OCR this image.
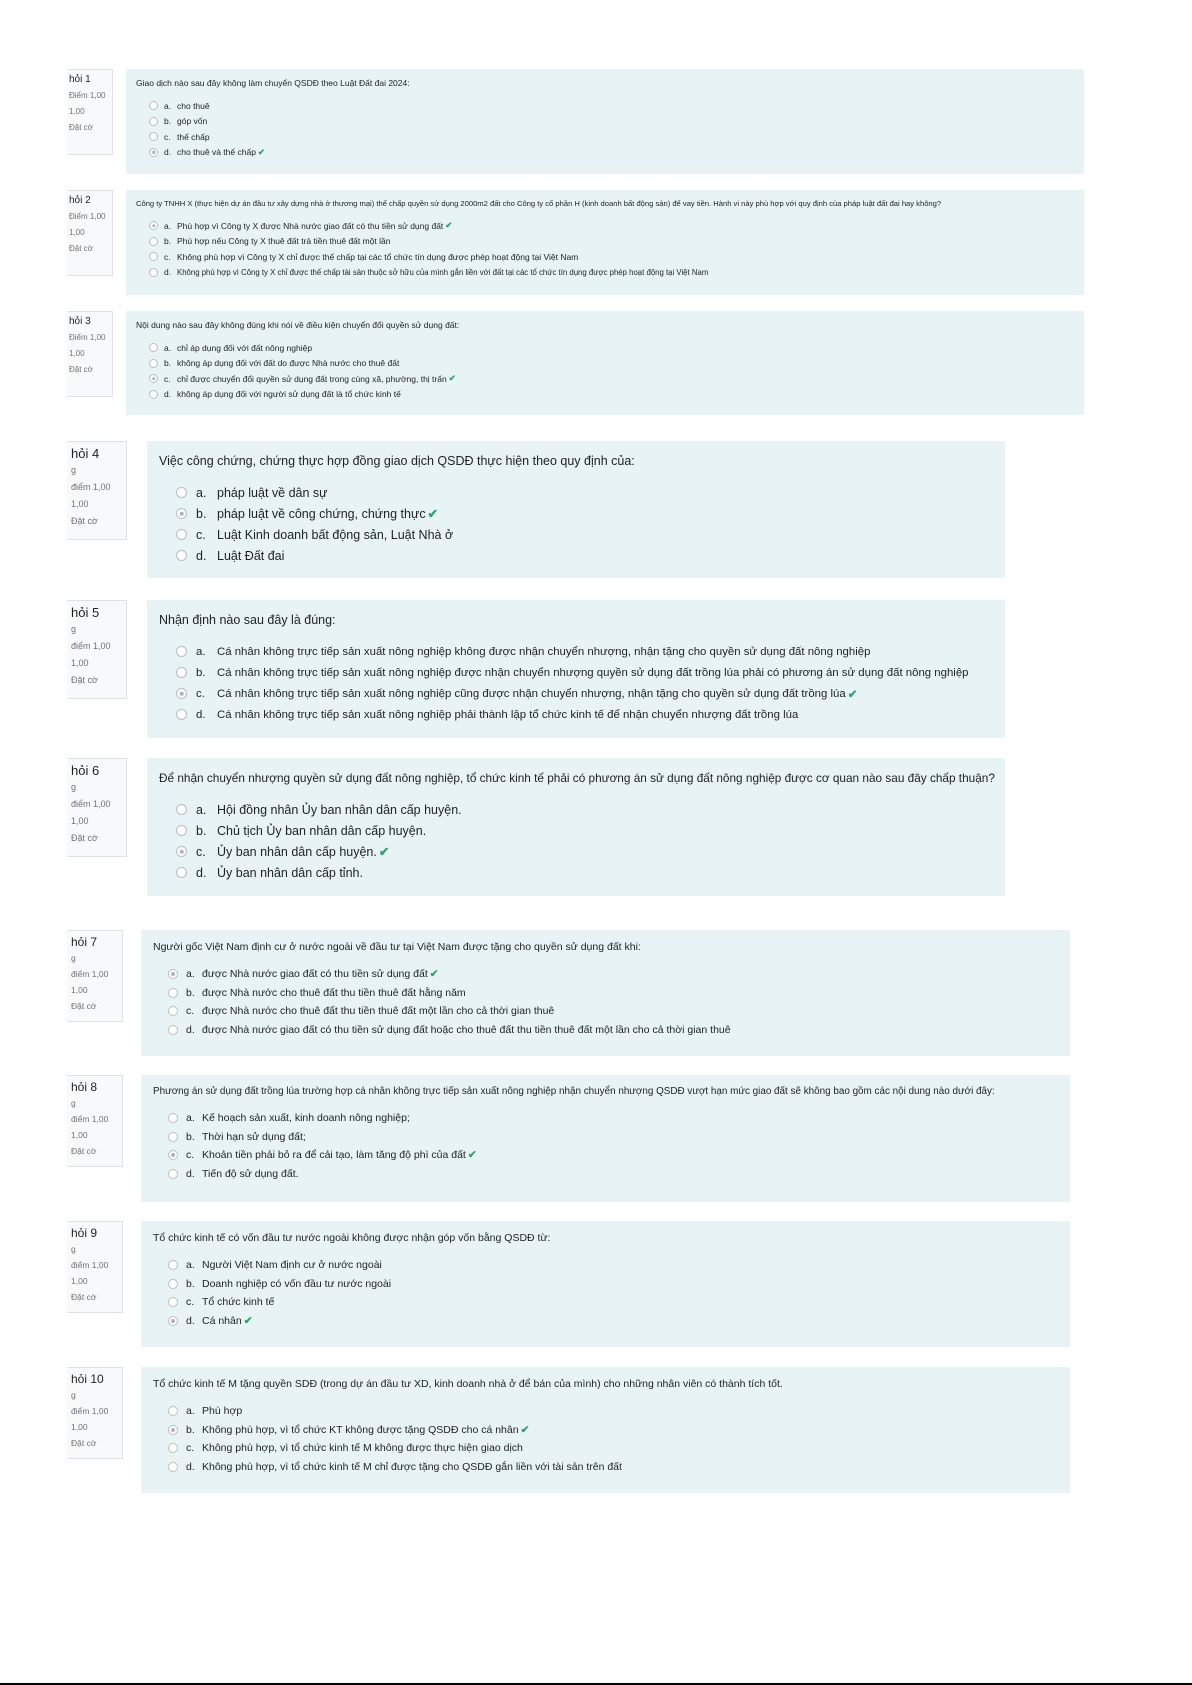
hỏi 1
Điểm 1,00
1,00
Đặt cờ
Giao dịch nào sau đây không làm chuyển QSDĐ theo Luật Đất đai 2024:
a. cho thuê
b. góp vốn
c. thế chấp
d. cho thuê và thế chấp ✔
hỏi 2
Điểm 1,00
1,00
Đặt cờ
Công ty TNHH X (thực hiện dự án đầu tư xây dựng nhà ở thương mại) thế chấp quyền sử dụng 2000m2 đất cho Công ty cổ phần H (kinh doanh bất động sản) để vay tiền. Hành vi này phù hợp với quy định của pháp luật đất đai hay không?
a. Phù hợp vì Công ty X được Nhà nước giao đất có thu tiền sử dụng đất ✔
b. Phù hợp nếu Công ty X thuê đất trả tiền thuê đất một lần
c. Không phù hợp vì Công ty X chỉ được thế chấp tại các tổ chức tín dụng được phép hoạt động tại Việt Nam
d. Không phù hợp vì Công ty X chỉ được thế chấp tài sản thuộc sở hữu của mình gắn liền với đất tại các tổ chức tín dụng được phép hoạt động tại Việt Nam
hỏi 3
Điểm 1,00
1,00
Đặt cờ
Nội dung nào sau đây không đúng khi nói về điều kiện chuyển đổi quyền sử dụng đất:
a. chỉ áp dụng đối với đất nông nghiệp
b. không áp dụng đối với đất do được Nhà nước cho thuê đất
c. chỉ được chuyển đổi quyền sử dụng đất trong cùng xã, phường, thị trấn ✔
d. không áp dụng đối với người sử dụng đất là tổ chức kinh tế
hỏi 4
g
điểm 1,00
1,00
Đặt cờ
Việc công chứng, chứng thực hợp đồng giao dịch QSDĐ thực hiện theo quy định của:
a. pháp luật về dân sự
b. pháp luật về công chứng, chứng thực ✔
c. Luật Kinh doanh bất động sản, Luật Nhà ở
d. Luật Đất đai
hỏi 5
g
điểm 1,00
1,00
Đặt cờ
Nhận định nào sau đây là đúng:
a.	Cá nhân không trực tiếp sản xuất nông nghiệp không được nhận chuyển nhượng, nhận tặng cho quyền sử dụng đất nông nghiệp
b.	Cá nhân không trực tiếp sản xuất nông nghiệp được nhận chuyển nhượng quyền sử dụng đất trồng lúa phải có phương án sử dụng đất nông nghiệp
c.	Cá nhân không trực tiếp sản xuất nông nghiệp cũng được nhận chuyển nhượng, nhận tặng cho quyền sử dụng đất trồng lúa ✔
d.	Cá nhân không trực tiếp sản xuất nông nghiệp phải thành lập tổ chức kinh tế để nhận chuyển nhượng đất trồng lúa
hỏi 6
g
điểm 1,00
1,00
Đặt cờ
Để nhận chuyển nhượng quyền sử dụng đất nông nghiệp, tổ chức kinh tế phải có phương án sử dụng đất nông nghiệp được cơ quan nào sau đây chấp thuận?
a. Hội đồng nhân Ủy ban nhân dân cấp huyện.
b. Chủ tịch Ủy ban nhân dân cấp huyện.
c. Ủy ban nhân dân cấp huyện. ✔
d. Ủy ban nhân dân cấp tỉnh.
hỏi 7
g
điểm 1,00
1,00
Đặt cờ
Người gốc Việt Nam định cư ở nước ngoài về đầu tư tại Việt Nam được tặng cho quyền sử dụng đất khi:
a. được Nhà nước giao đất có thu tiền sử dụng đất ✔
b. được Nhà nước cho thuê đất thu tiền thuê đất hằng năm
c. được Nhà nước cho thuê đất thu tiền thuê đất một lần cho cả thời gian thuê
d. được Nhà nước giao đất có thu tiền sử dụng đất hoặc cho thuê đất thu tiền thuê đất một lần cho cả thời gian thuê
hỏi 8
g
điểm 1,00
1,00
Đặt cờ
Phương án sử dụng đất trồng lúa trường hợp cá nhân không trực tiếp sản xuất nông nghiệp nhận chuyển nhượng QSDĐ vượt hạn mức giao đất sẽ không bao gồm các nội dung nào dưới đây:
a. Kế hoạch sản xuất, kinh doanh nông nghiệp;
b. Thời hạn sử dụng đất;
c. Khoản tiền phải bỏ ra để cải tạo, làm tăng độ phì của đất ✔
d. Tiến độ sử dụng đất.
hỏi 9
g
điểm 1,00
1,00
Đặt cờ
Tổ chức kinh tế có vốn đầu tư nước ngoài không được nhận góp vốn bằng QSDĐ từ:
a. Người Việt Nam định cư ở nước ngoài
b. Doanh nghiệp có vốn đầu tư nước ngoài
c. Tổ chức kinh tế
d. Cá nhân ✔
hỏi 10
g
điểm 1,00
1,00
Đặt cờ
Tổ chức kinh tế M tặng quyền SDĐ (trong dự án đầu tư XD, kinh doanh nhà ở để bán của mình) cho những nhân viên có thành tích tốt.
a. Phù hợp
b. Không phù hợp, vì tổ chức KT không được tặng QSDĐ cho cá nhân ✔
c. Không phù hợp, vì tổ chức kinh tế M không được thực hiện giao dịch
d. Không phù hợp, vì tổ chức kinh tế M chỉ được tặng cho QSDĐ gắn liền với tài sản trên đất
